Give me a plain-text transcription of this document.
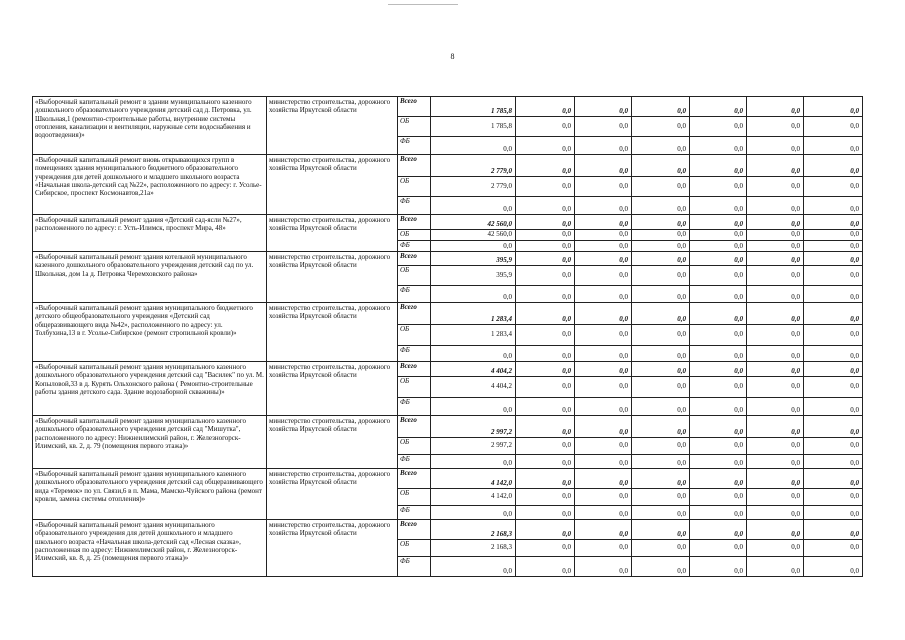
8
«Выборочный капитальный ремонт в здании муниципального казенного дошкольного образовательного учреждения детский сад д. Петровка, ул. Школьная,1 (ремонтно-строительные работы, внутренние системы отопления, канализации и вентиляции, наружные сети водоснабжения и водоотведения)»	министерство строительства, дорожного хозяйства Иркутской области	Всего	1 785,8	0,0	0,0	0,0	0,0	0,0	0,0
		ОБ	1 785,8	0,0	0,0	0,0	0,0	0,0	0,0
		ФБ	0,0	0,0	0,0	0,0	0,0	0,0	0,0
«Выборочный капитальный ремонт вновь открывающихся групп в помещениях здания муниципального бюджетного образовательного учреждения для детей дошкольного и младшего школьного возраста «Начальная школа-детский сад №22», расположенного по адресу: г. Усолье-Сибирское, проспект Космонавтов,21а»	министерство строительства, дорожного хозяйства Иркутской области	Всего	2 779,0	0,0	0,0	0,0	0,0	0,0	0,0
		ОБ	2 779,0	0,0	0,0	0,0	0,0	0,0	0,0
		ФБ	0,0	0,0	0,0	0,0	0,0	0,0	0,0
«Выборочный капитальный ремонт здания «Детский сад-ясли №27», расположенного по адресу: г. Усть-Илимск, проспект Мира, 48»	министерство строительства, дорожного хозяйства Иркутской области	Всего	42 560,0	0,0	0,0	0,0	0,0	0,0	0,0
		ОБ	42 560,0	0,0	0,0	0,0	0,0	0,0	0,0
		ФБ	0,0	0,0	0,0	0,0	0,0	0,0	0,0
«Выборочный капитальный ремонт здания котельной муниципального казенного дошкольного образовательного учреждения детский сад по ул. Школьная, дом 1а д. Петровка Черемховского района»	министерство строительства, дорожного хозяйства Иркутской области	Всего	395,9	0,0	0,0	0,0	0,0	0,0	0,0
		ОБ	395,9	0,0	0,0	0,0	0,0	0,0	0,0
		ФБ	0,0	0,0	0,0	0,0	0,0	0,0	0,0
«Выборочный капитальный ремонт здания муниципального бюджетного детского общеобразовательного учреждения «Детский сад общеразвивающего вида №42», расположенного по адресу: ул. Толбухина,13 в г. Усолье-Сибирское (ремонт стропильной кровли)»	министерство строительства, дорожного хозяйства Иркутской области	Всего	1 283,4	0,0	0,0	0,0	0,0	0,0	0,0
		ОБ	1 283,4	0,0	0,0	0,0	0,0	0,0	0,0
		ФБ	0,0	0,0	0,0	0,0	0,0	0,0	0,0
«Выборочный капитальный ремонт здания муниципального казенного дошкольного образовательного учреждения детский сад "Василек" по ул. М. Копыловой,33 в д. Курять Ольхонского района ( Ремонтно-строительные работы здания детского сада. Здание водозаборной скважины)»	министерство строительства, дорожного хозяйства Иркутской области	Всего	4 404,2	0,0	0,0	0,0	0,0	0,0	0,0
		ОБ	4 404,2	0,0	0,0	0,0	0,0	0,0	0,0
		ФБ	0,0	0,0	0,0	0,0	0,0	0,0	0,0
«Выборочный капитальный ремонт здания муниципального казенного дошкольного образовательного учреждения детский сад "Мишутка", расположенного по адресу: Нижнеилимский район, г. Железногорск-Илимский, кв. 2, д. 79 (помещения первого этажа)»	министерство строительства, дорожного хозяйства Иркутской области	Всего	2 997,2	0,0	0,0	0,0	0,0	0,0	0,0
		ОБ	2 997,2	0,0	0,0	0,0	0,0	0,0	0,0
		ФБ	0,0	0,0	0,0	0,0	0,0	0,0	0,0
«Выборочный капитальный ремонт здания муниципального казенного дошкольного образовательного учреждения детский сад общеразвивающего вида «Теремок» по ул. Связи,6 в п. Мама, Мамско-Чуйского района (ремонт кровли, замена системы отопления)»	министерство строительства, дорожного хозяйства Иркутской области	Всего	4 142,0	0,0	0,0	0,0	0,0	0,0	0,0
		ОБ	4 142,0	0,0	0,0	0,0	0,0	0,0	0,0
		ФБ	0,0	0,0	0,0	0,0	0,0	0,0	0,0
«Выборочный капитальный ремонт здания муниципального образовательного учреждения для детей дошкольного и младшего школьного возраста «Начальная школа-детский сад «Лесная сказка», расположенная по адресу: Нижнеилимский район, г. Железногорск-Илимский, кв. 8, д. 25 (помещения первого этажа)»	министерство строительства, дорожного хозяйства Иркутской области	Всего	2 168,3	0,0	0,0	0,0	0,0	0,0	0,0
		ОБ	2 168,3	0,0	0,0	0,0	0,0	0,0	0,0
		ФБ	0,0	0,0	0,0	0,0	0,0	0,0	0,0
